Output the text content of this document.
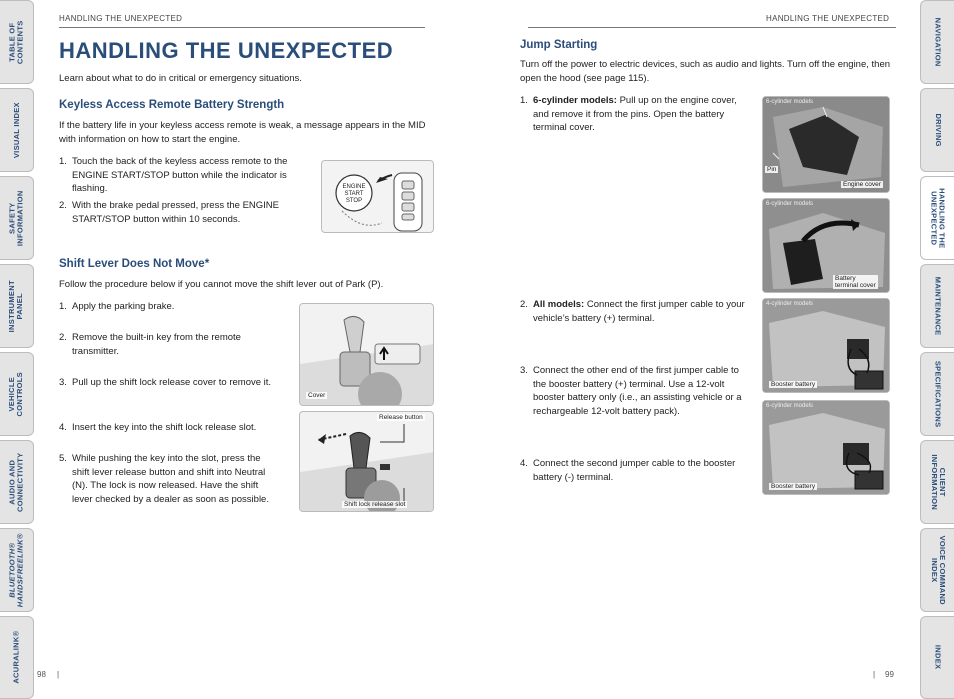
TABLE OF
CONTENTS
VISUAL INDEX
SAFETY
INFORMATION
INSTRUMENT
PANEL
VEHICLE
CONTROLS
AUDIO AND
CONNECTIVITY
BLUETOOTH®
HANDSFREELINK®
ACURALINK®
NAVIGATION
DRIVING
HANDLING THE
UNEXPECTED
MAINTENANCE
SPECIFICATIONS
CLIENT
INFORMATION
VOICE COMMAND
INDEX
INDEX
HANDLING THE UNEXPECTED
HANDLING THE UNEXPECTED
Learn about what to do in critical or emergency situations.
Keyless Access Remote Battery Strength
If the battery life in your keyless access remote is weak, a message appears in the MID with information on how to start the engine.
1. Touch the back of the keyless access remote to the ENGINE START/STOP button while the indicator is flashing.
2. With the brake pedal pressed, press the ENGINE START/STOP button within 10 seconds.
ENGINE
START
STOP
Shift Lever Does Not Move*
Follow the procedure below if you cannot move the shift lever out of Park (P).
1. Apply the parking brake.
2. Remove the built-in key from the remote transmitter.
3. Pull up the shift lock release cover to remove it.
4. Insert the key into the shift lock release slot.
5. While pushing the key into the slot, press the shift lever release button and shift into Neutral (N). The lock is now released. Have the shift lever checked by a dealer as soon as possible.
Cover
Release button
Shift lock release slot
98 |
HANDLING THE UNEXPECTED
Jump Starting
Turn off the power to electric devices, such as audio and lights. Turn off the engine, then open the hood (see page 115).
1. 6-cylinder models: Pull up on the engine cover, and remove it from the pins. Open the battery terminal cover.
2. All models: Connect the first jumper cable to your vehicle’s battery (+) terminal.
3. Connect the other end of the first jumper cable to the booster battery (+) terminal. Use a 12-volt booster battery only (i.e., an assisting vehicle or a rechargeable 12-volt battery pack).
4. Connect the second jumper cable to the booster battery (-) terminal.
6-cylinder models
Pin
Engine cover
6-cylinder models
Battery
terminal cover
4-cylinder models
Booster battery
6-cylinder models
Booster battery
| 99
